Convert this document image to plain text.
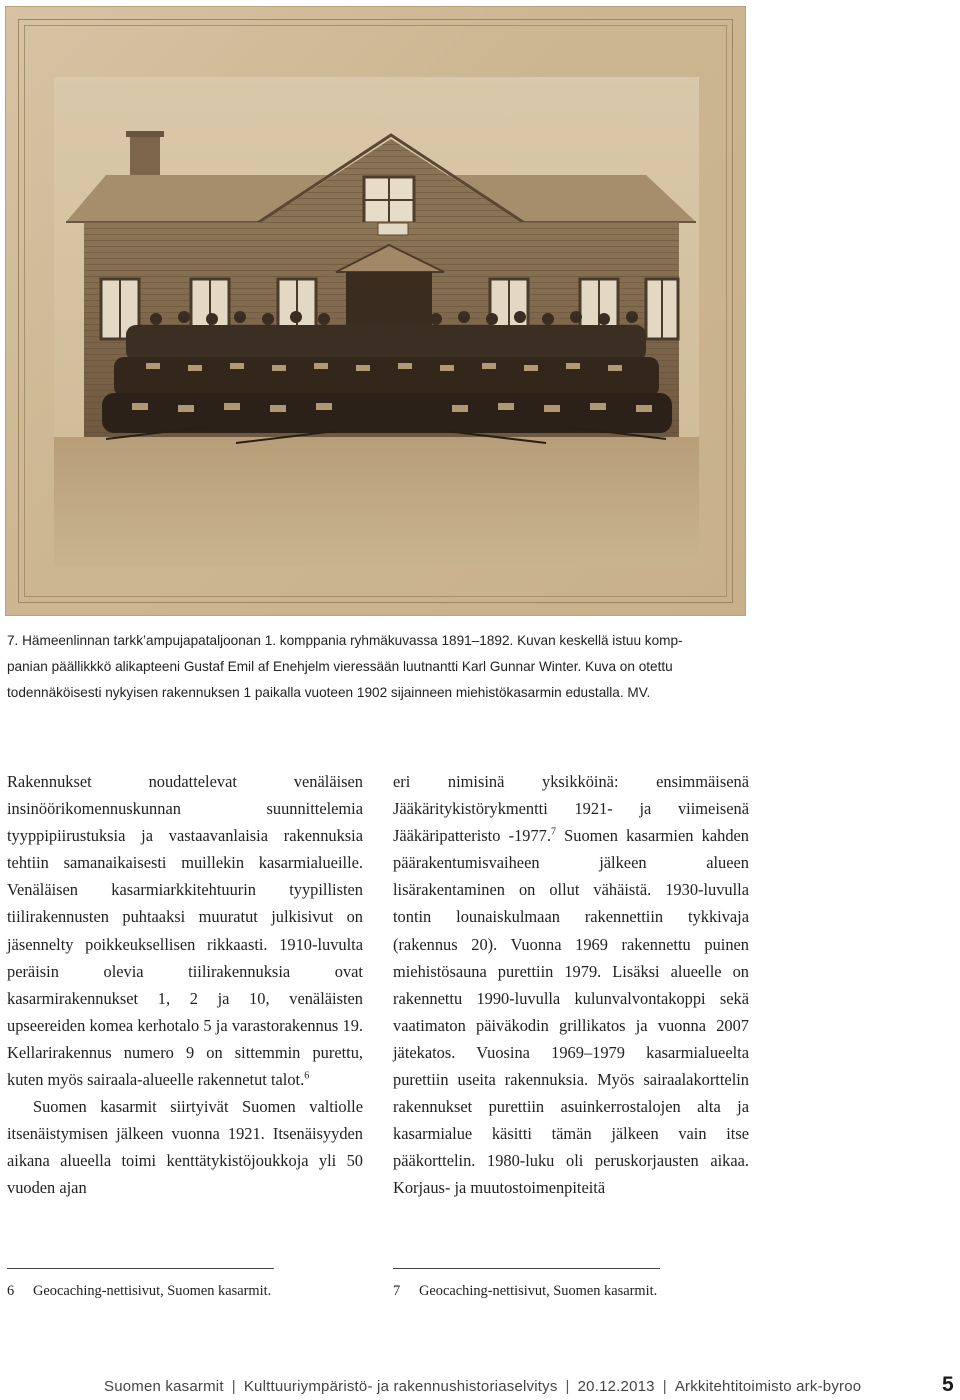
7. Hämeenlinnan tarkk’ampujapataljoonan 1. komppania ryhmäkuvassa 1891–1892. Kuvan keskellä istuu komp-
panian päällikkkö alikapteeni Gustaf Emil af Enehjelm vieressään luutnantti Karl Gunnar Winter. Kuva on otettu
todennäköisesti nykyisen rakennuksen 1 paikalla vuoteen 1902 sijainneen miehistökasarmin edustalla. MV.

Rakennukset noudattelevat venäläisen insinöörikomennuskunnan suunnittelemia tyyppipiirustuksia ja vastaavanlaisia rakennuksia tehtiin samanaikaisesti muillekin kasarmialueille. Venäläisen kasarmiarkkitehtuurin tyypillisten tiilirakennusten puhtaaksi muuratut julkisivut on jäsennelty poikkeuksellisen rikkaasti. 1910-luvulta peräisin olevia tiilirakennuksia ovat kasarmirakennukset 1, 2 ja 10, venäläisten upseereiden komea kerhotalo 5 ja varastorakennus 19. Kellarirakennus numero 9 on sittemmin purettu, kuten myös sairaala-alueelle rakennetut talot.$^6$

Suomen kasarmit siirtyivät Suomen valtiolle itsenäistymisen jälkeen vuonna 1921. Itsenäisyyden aikana alueella toimi kenttätykistöjoukkoja yli 50 vuoden ajan

eri nimisinä yksikköinä: ensimmäisenä Jääkäritykistörykmentti 1921- ja viimeisenä Jääkäripatteristo -1977.$^7$ Suomen kasarmien kahden päärakentumisvaiheen jälkeen alueen lisärakentaminen on ollut vähäistä. 1930-luvulla tontin lounaiskulmaan rakennettiin tykkivaja (rakennus 20). Vuonna 1969 rakennettu puinen miehistösauna purettiin 1979. Lisäksi alueelle on rakennettu 1990-luvulla kulunvalvontakoppi sekä vaatimaton päiväkodin grillikatos ja vuonna 2007 jätekatos. Vuosina 1969–1979 kasarmialueelta purettiin useita rakennuksia. Myös sairaalakorttelin rakennukset purettiin asuinkerrostalojen alta ja kasarmialue käsitti tämän jälkeen vain itse pääkorttelin. 1980-luku oli peruskorjausten aikaa. Korjaus- ja muutostoimenpiteitä

6 Geocaching-nettisivut, Suomen kasarmit.	7 Geocaching-nettisivut, Suomen kasarmit.
Suomen kasarmit | Kulttuuriympäristö- ja rakennushistoriaselvitys | 20.12.2013 | Arkkitehtitoimisto ark-byroo	5
